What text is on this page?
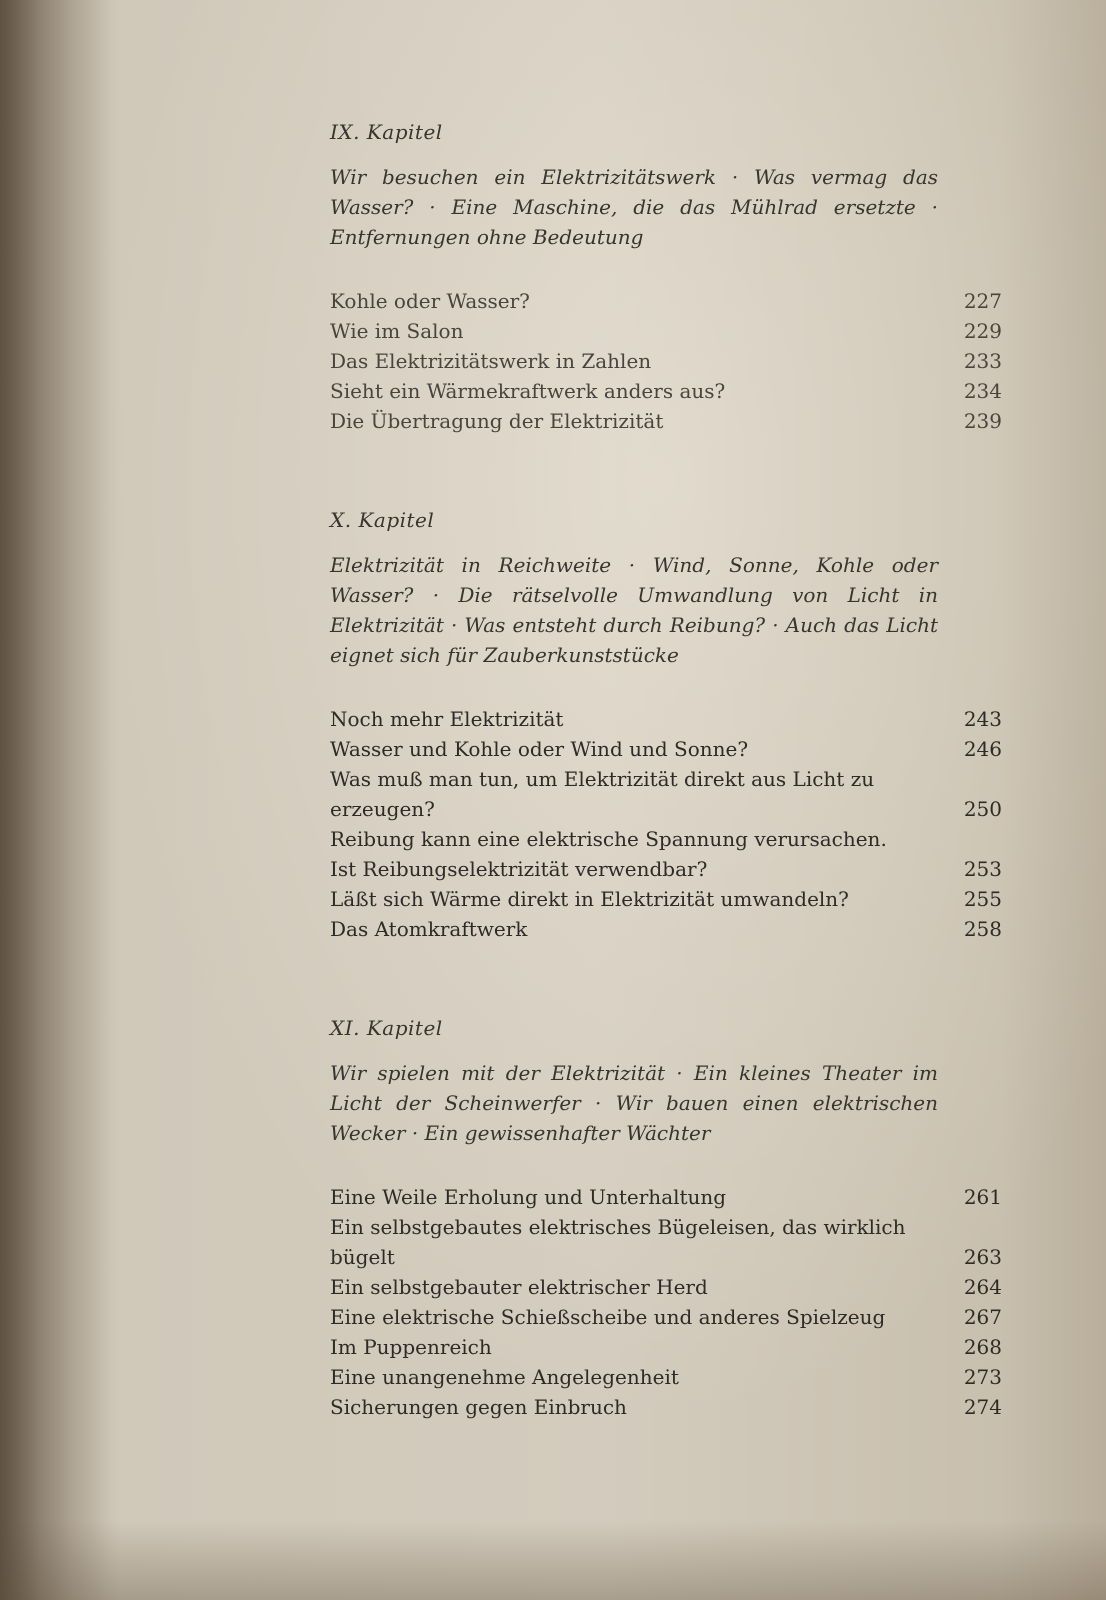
IX. Kapitel
Wir besuchen ein Elektrizitätswerk · Was vermag das Wasser? · Eine Maschine, die das Mühlrad ersetzte · Entfernungen ohne Bedeutung
Kohle oder Wasser?	227
Wie im Salon	229
Das Elektrizitätswerk in Zahlen	233
Sieht ein Wärmekraftwerk anders aus?	234
Die Übertragung der Elektrizität	239
X. Kapitel
Elektrizität in Reichweite · Wind, Sonne, Kohle oder Wasser? · Die rätselvolle Umwandlung von Licht in Elektrizität · Was entsteht durch Reibung? · Auch das Licht eignet sich für Zauberkunststücke
Noch mehr Elektrizität	243
Wasser und Kohle oder Wind und Sonne?	246
Was muß man tun, um Elektrizität direkt aus Licht zu erzeugen?	250
Reibung kann eine elektrische Spannung verursachen.
Ist Reibungselektrizität verwendbar?	253
Läßt sich Wärme direkt in Elektrizität umwandeln?	255
Das Atomkraftwerk	258
XI. Kapitel
Wir spielen mit der Elektrizität · Ein kleines Theater im Licht der Scheinwerfer · Wir bauen einen elektrischen Wecker · Ein gewissenhafter Wächter
Eine Weile Erholung und Unterhaltung	261
Ein selbstgebautes elektrisches Bügeleisen, das wirklich bügelt	263
Ein selbstgebauter elektrischer Herd	264
Eine elektrische Schießscheibe und anderes Spielzeug	267
Im Puppenreich	268
Eine unangenehme Angelegenheit	273
Sicherungen gegen Einbruch	274
